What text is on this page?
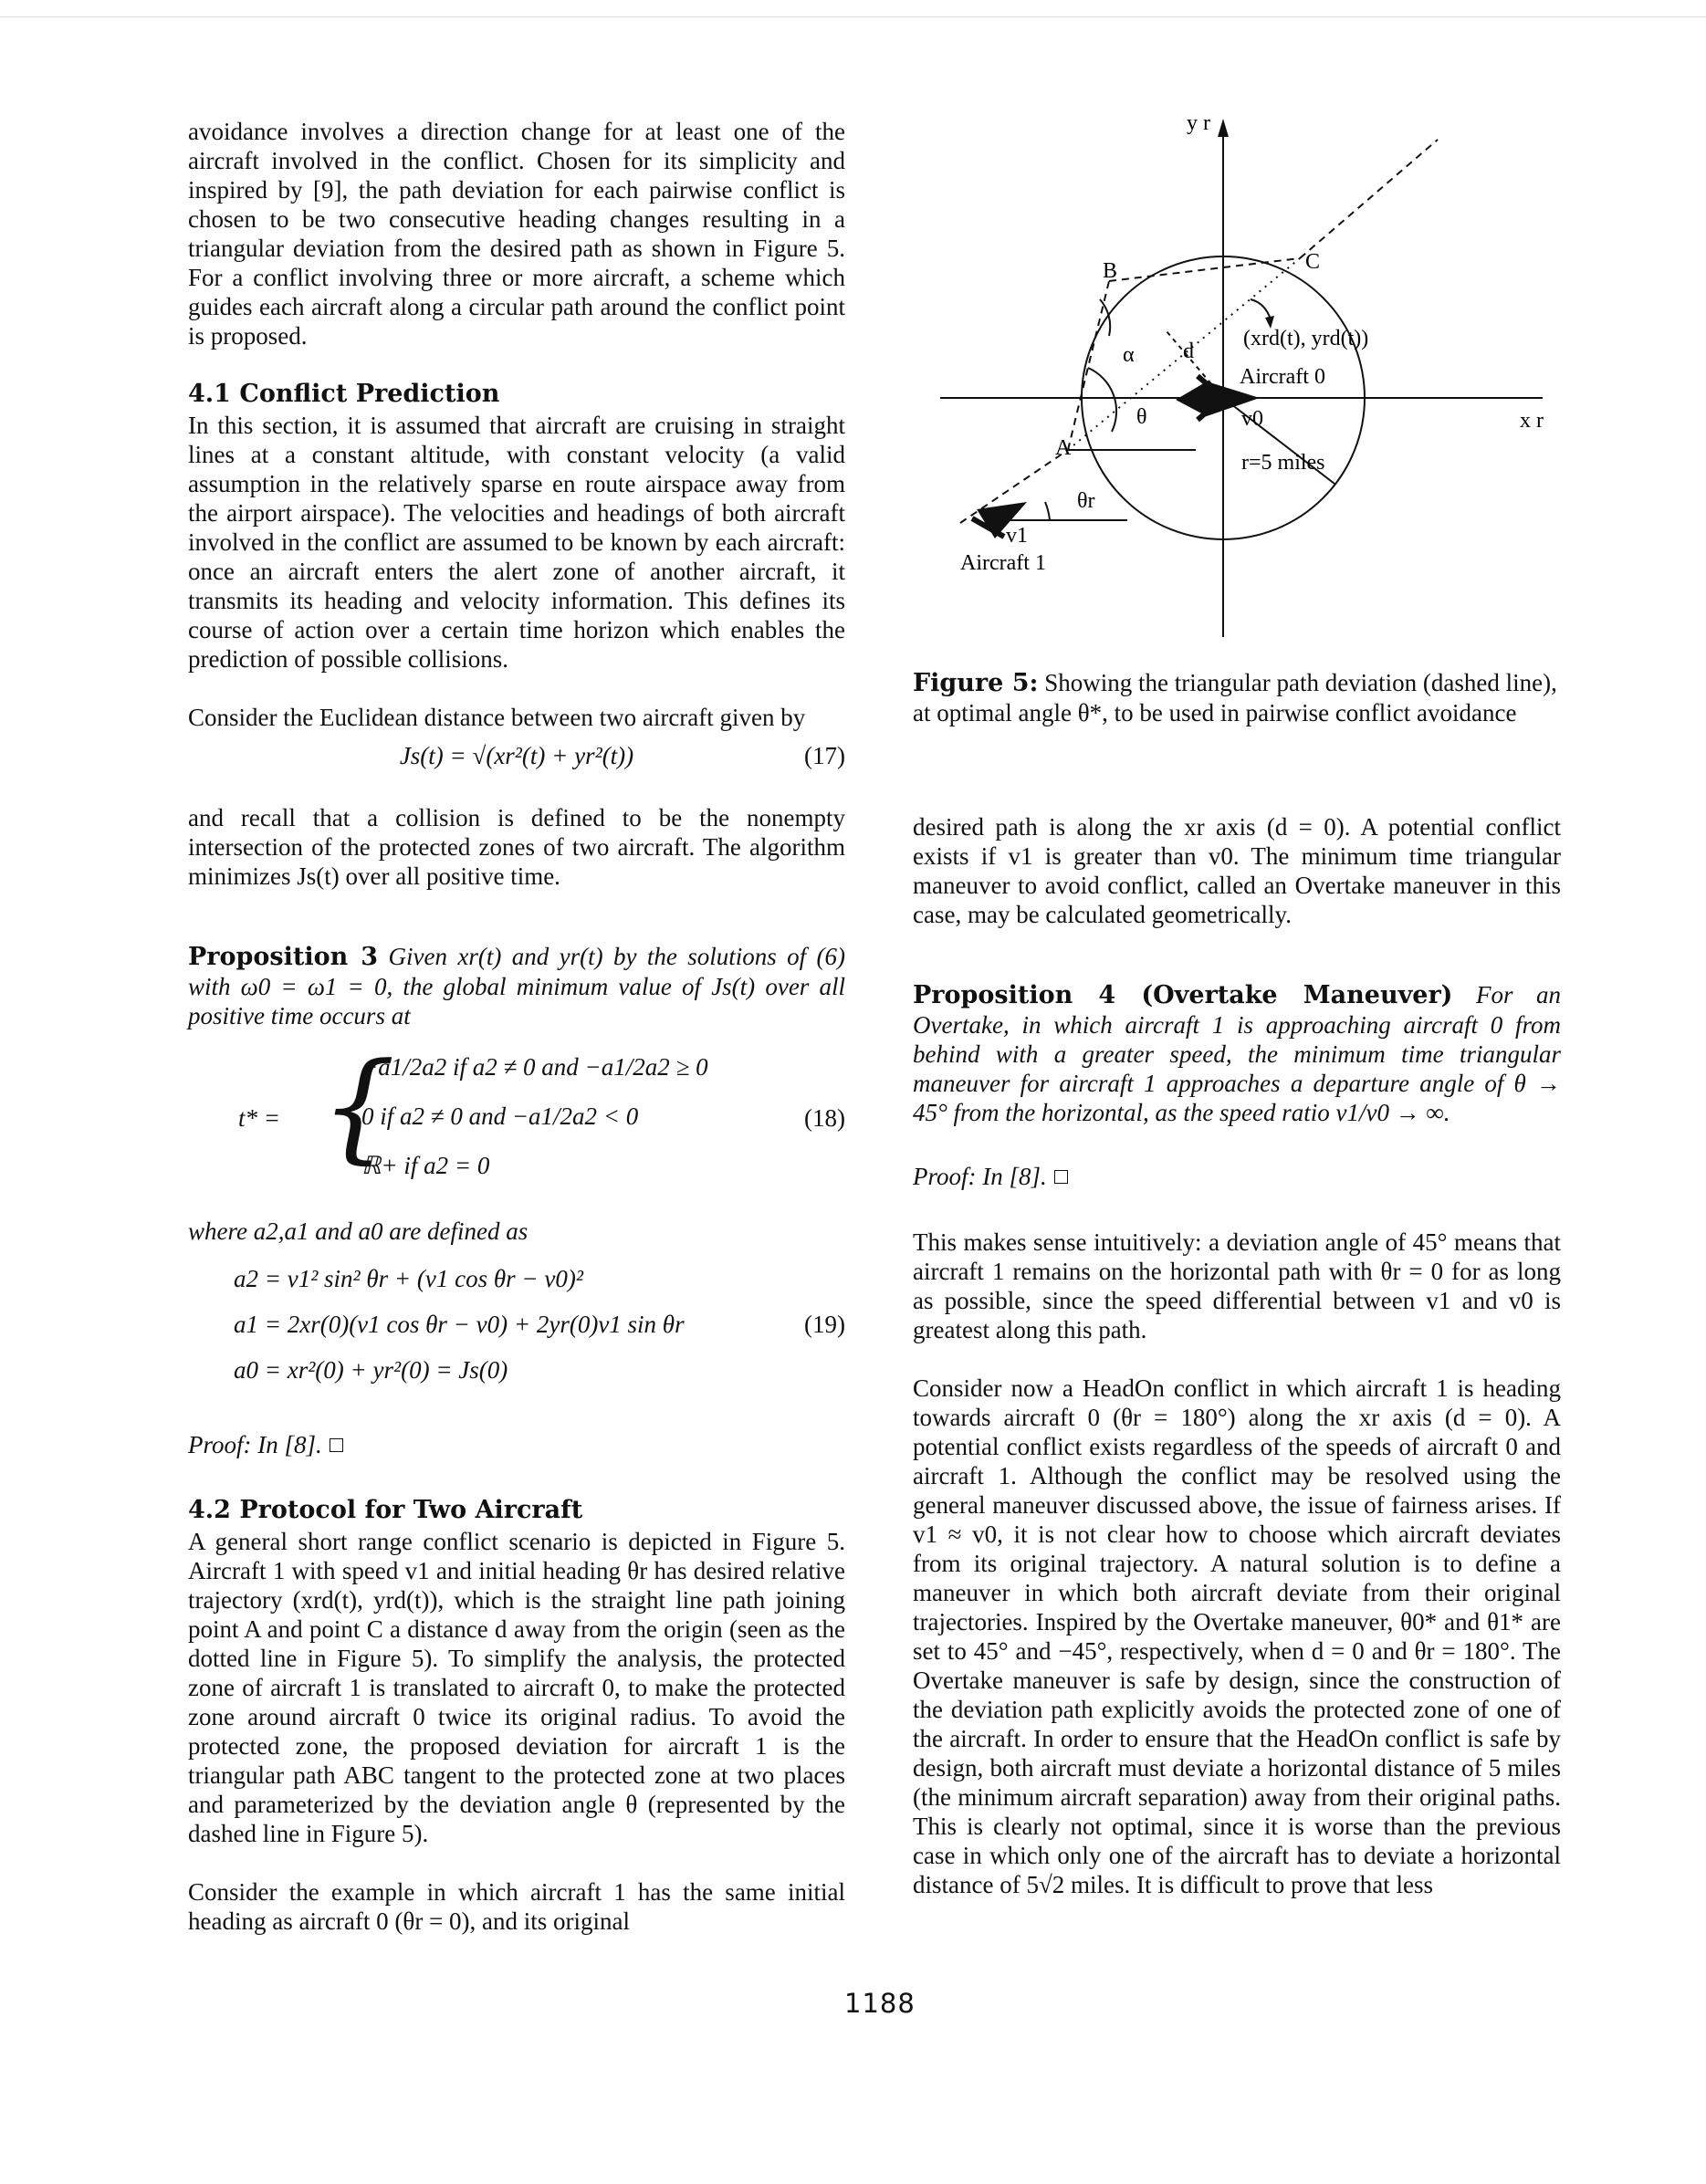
avoidance involves a direction change for at least one of the aircraft involved in the conflict. Chosen for its simplicity and inspired by [9], the path deviation for each pairwise conflict is chosen to be two consecutive heading changes resulting in a triangular deviation from the desired path as shown in Figure 5. For a conflict involving three or more aircraft, a scheme which guides each aircraft along a circular path around the conflict point is proposed.

4.1 Conflict Prediction

In this section, it is assumed that aircraft are cruising in straight lines at a constant altitude, with constant velocity (a valid assumption in the relatively sparse en route airspace away from the airport airspace). The velocities and headings of both aircraft involved in the conflict are assumed to be known by each aircraft: once an aircraft enters the alert zone of another aircraft, it transmits its heading and velocity information. This defines its course of action over a certain time horizon which enables the prediction of possible collisions.

Consider the Euclidean distance between two aircraft given by

Js(t) = √(xr²(t) + yr²(t))	(17)

and recall that a collision is defined to be the nonempty intersection of the protected zones of two aircraft. The algorithm minimizes Js(t) over all positive time.

Proposition 3 Given xr(t) and yr(t) by the solutions of (6) with ω0 = ω1 = 0, the global minimum value of Js(t) over all positive time occurs at

t* = {
−a1/2a2 if a2 ≠ 0 and −a1/2a2 ≥ 0
0 if a2 ≠ 0 and −a1/2a2 < 0
ℝ+ if a2 = 0
(18)

where a2,a1 and a0 are defined as

a2 = v1² sin² θr + (v1 cos θr − v0)²
a1 = 2xr(0)(v1 cos θr − v0) + 2yr(0)v1 sin θr
a0 = xr²(0) + yr²(0) = Js(0)
(19)

Proof: In [8].

4.2 Protocol for Two Aircraft

A general short range conflict scenario is depicted in Figure 5. Aircraft 1 with speed v1 and initial heading θr has desired relative trajectory (xrd(t), yrd(t)), which is the straight line path joining point A and point C a distance d away from the origin (seen as the dotted line in Figure 5). To simplify the analysis, the protected zone of aircraft 1 is translated to aircraft 0, to make the protected zone around aircraft 0 twice its original radius. To avoid the protected zone, the proposed deviation for aircraft 1 is the triangular path ABC tangent to the protected zone at two places and parameterized by the deviation angle θ (represented by the dashed line in Figure 5).

Consider the example in which aircraft 1 has the same initial heading as aircraft 0 (θr = 0), and its original

y r
x r
B	C
A
α
θ
d
(xrd(t), yrd(t))
Aircraft 0
v0
r=5 miles
θr
v1
Aircraft 1
Figure 5: Showing the triangular path deviation (dashed line), at optimal angle θ*, to be used in pairwise conflict avoidance

desired path is along the xr axis (d = 0). A potential conflict exists if v1 is greater than v0. The minimum time triangular maneuver to avoid conflict, called an Overtake maneuver in this case, may be calculated geometrically.

Proposition 4 (Overtake Maneuver) For an Overtake, in which aircraft 1 is approaching aircraft 0 from behind with a greater speed, the minimum time triangular maneuver for aircraft 1 approaches a departure angle of θ → 45° from the horizontal, as the speed ratio v1/v0 → ∞.

Proof: In [8].

This makes sense intuitively: a deviation angle of 45° means that aircraft 1 remains on the horizontal path with θr = 0 for as long as possible, since the speed differential between v1 and v0 is greatest along this path.

Consider now a HeadOn conflict in which aircraft 1 is heading towards aircraft 0 (θr = 180°) along the xr axis (d = 0). A potential conflict exists regardless of the speeds of aircraft 0 and aircraft 1. Although the conflict may be resolved using the general maneuver discussed above, the issue of fairness arises. If v1 ≈ v0, it is not clear how to choose which aircraft deviates from its original trajectory. A natural solution is to define a maneuver in which both aircraft deviate from their original trajectories. Inspired by the Overtake maneuver, θ0* and θ1* are set to 45° and −45°, respectively, when d = 0 and θr = 180°. The Overtake maneuver is safe by design, since the construction of the deviation path explicitly avoids the protected zone of one of the aircraft. In order to ensure that the HeadOn conflict is safe by design, both aircraft must deviate a horizontal distance of 5 miles (the minimum aircraft separation) away from their original paths. This is clearly not optimal, since it is worse than the previous case in which only one of the aircraft has to deviate a horizontal distance of 5√2 miles. It is difficult to prove that less

1188
